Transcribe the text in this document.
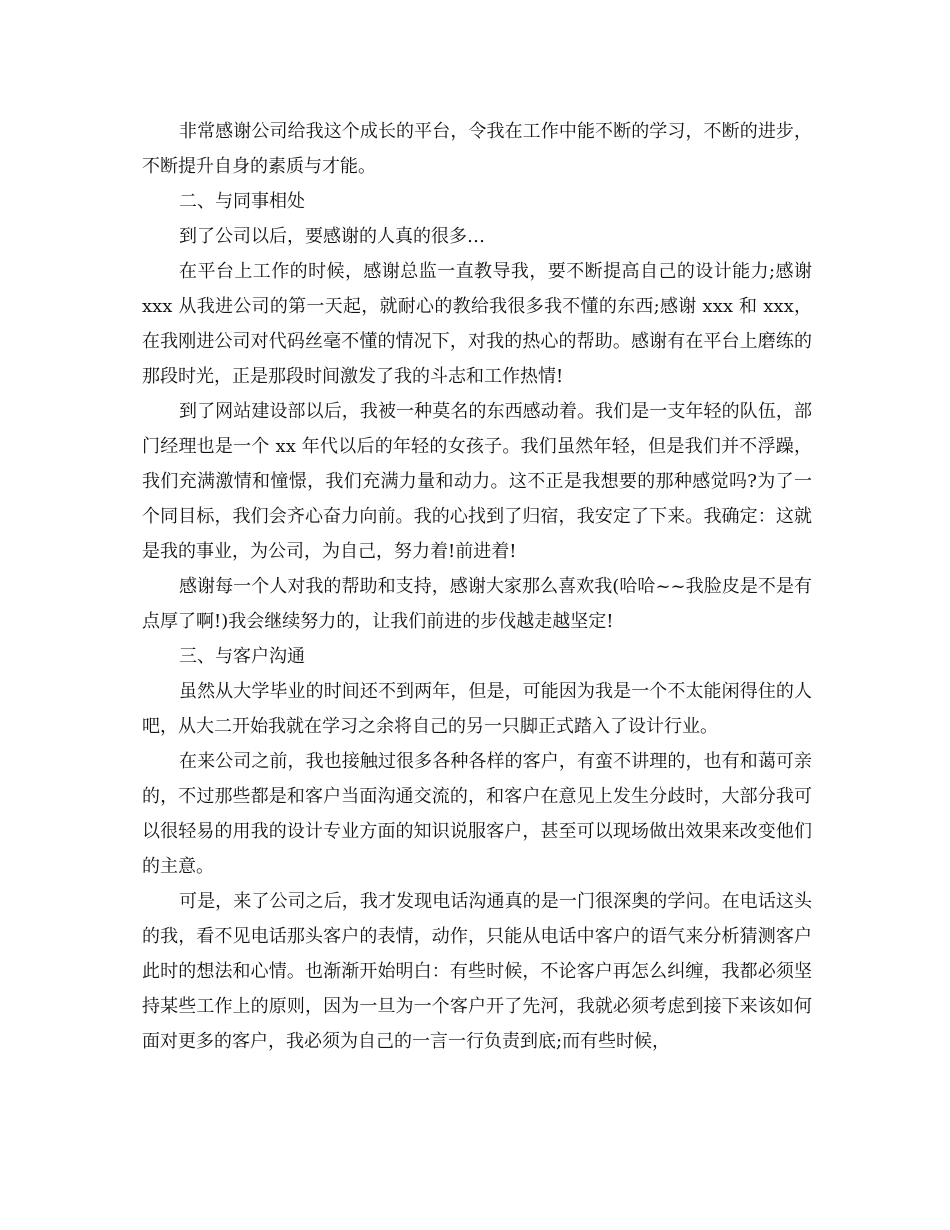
非常感谢公司给我这个成长的平台，令我在工作中能不断的学习，不断的进步，不断提升自身的素质与才能。

二、与同事相处

到了公司以后，要感谢的人真的很多…

在平台上工作的时候，感谢总监一直教导我，要不断提高自己的设计能力;感谢 xxx 从我进公司的第一天起，就耐心的教给我很多我不懂的东西;感谢 xxx 和 xxx，在我刚进公司对代码丝毫不懂的情况下，对我的热心的帮助。感谢有在平台上磨练的那段时光，正是那段时间激发了我的斗志和工作热情!

到了网站建设部以后，我被一种莫名的东西感动着。我们是一支年轻的队伍，部门经理也是一个 xx 年代以后的年轻的女孩子。我们虽然年轻，但是我们并不浮躁，我们充满激情和憧憬，我们充满力量和动力。这不正是我想要的那种感觉吗?为了一个同目标，我们会齐心奋力向前。我的心找到了归宿，我安定了下来。我确定：这就是我的事业，为公司，为自己，努力着!前进着!

感谢每一个人对我的帮助和支持，感谢大家那么喜欢我(哈哈~~我脸皮是不是有点厚了啊!)我会继续努力的，让我们前进的步伐越走越坚定!

三、与客户沟通

虽然从大学毕业的时间还不到两年，但是，可能因为我是一个不太能闲得住的人吧，从大二开始我就在学习之余将自己的另一只脚正式踏入了设计行业。

在来公司之前，我也接触过很多各种各样的客户，有蛮不讲理的，也有和蔼可亲的，不过那些都是和客户当面沟通交流的，和客户在意见上发生分歧时，大部分我可以很轻易的用我的设计专业方面的知识说服客户，甚至可以现场做出效果来改变他们的主意。

可是，来了公司之后，我才发现电话沟通真的是一门很深奥的学问。在电话这头的我，看不见电话那头客户的表情，动作，只能从电话中客户的语气来分析猜测客户此时的想法和心情。也渐渐开始明白：有些时候，不论客户再怎么纠缠，我都必须坚持某些工作上的原则，因为一旦为一个客户开了先河，我就必须考虑到接下来该如何面对更多的客户，我必须为自己的一言一行负责到底;而有些时候，
